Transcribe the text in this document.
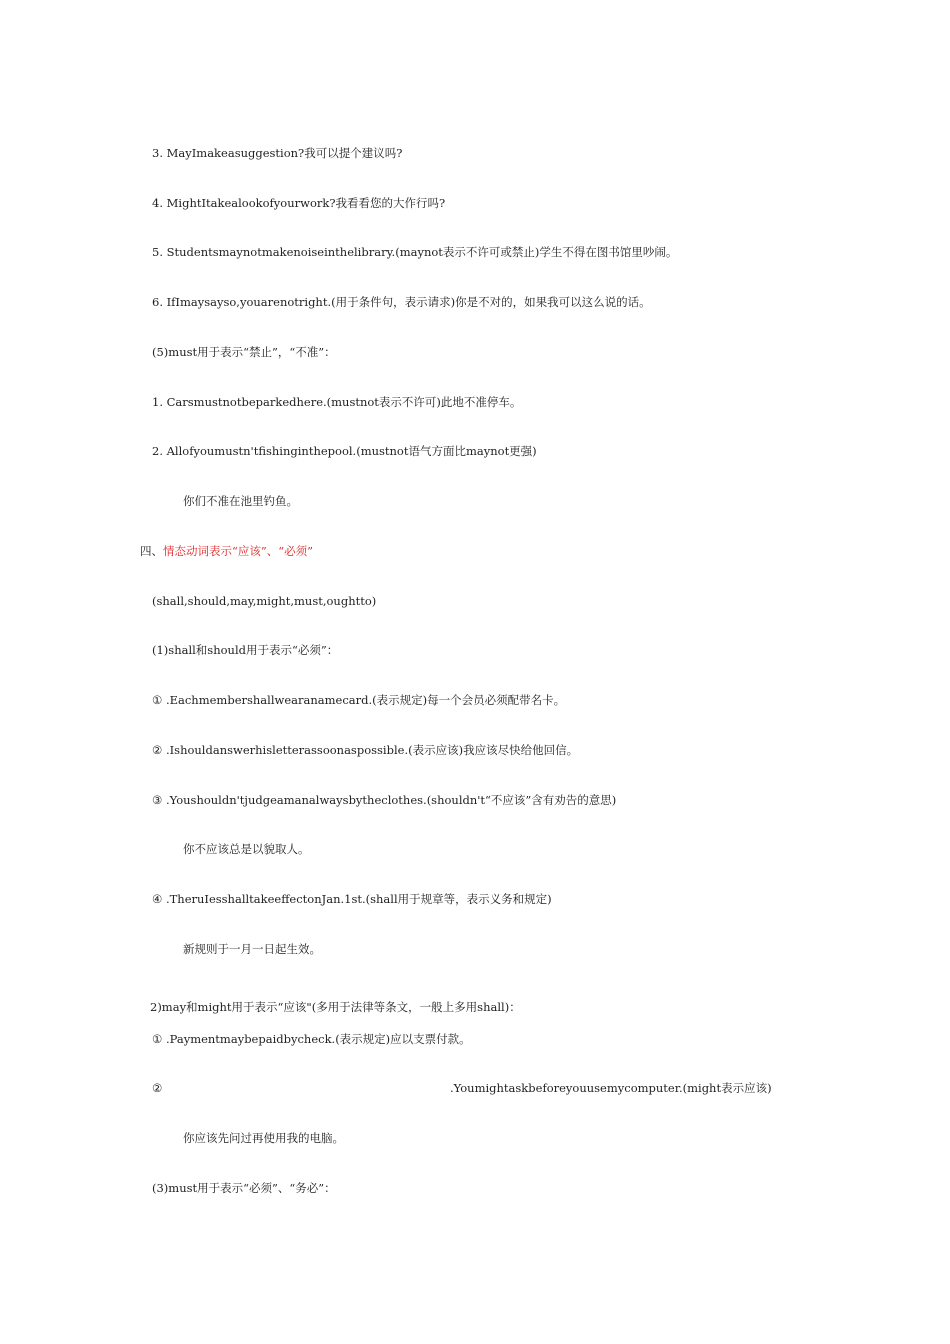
3. MayImakeasuggestion?我可以提个建议吗?
4. MightItakealookofyourwork?我看看您的大作行吗?
5. Studentsmaynotmakenoiseinthelibrary.(maynot表示不许可或禁止)学生不得在图书馆里吵闹。
6. IfImaysayso,youarenotright.(用于条件句，表示请求)你是不对的，如果我可以这么说的话。
(5)must用于表示“禁止”，“不准”：
1. Carsmustnotbeparkedhere.(mustnot表示不许可)此地不准停车。
2. Allofyoumustn'tfishinginthepool.(mustnot语气方面比maynot更强)
你们不准在池里钓鱼。
四、情态动词表示“应该”、“必须”
(shall,should,may,might,must,oughtto)
(1)shall和should用于表示“必须”：
① .Eachmembershallwearanamecard.(表示规定)每一个会员必须配带名卡。
② .Ishouldanswerhisletterassoonaspossible.(表示应该)我应该尽快给他回信。
③ .Youshouldn'tjudgeamanalwaysbytheclothes.(shouldn't“不应该”含有劝告的意思)
你不应该总是以貌取人。
④ .TheruIesshalltakeeffectonJan.1st.(shall用于规章等，表示义务和规定)
新规则于一月一日起生效。
2)may和might用于表示“应该"(多用于法律等条文，一般上多用shall)：
① .Paymentmaybepaidbycheck.(表示规定)应以支票付款。
②	.Youmightaskbeforeyouusemycomputer.(might表示应该)
你应该先问过再使用我的电脑。
(3)must用于表示“必须”、“务必”：
